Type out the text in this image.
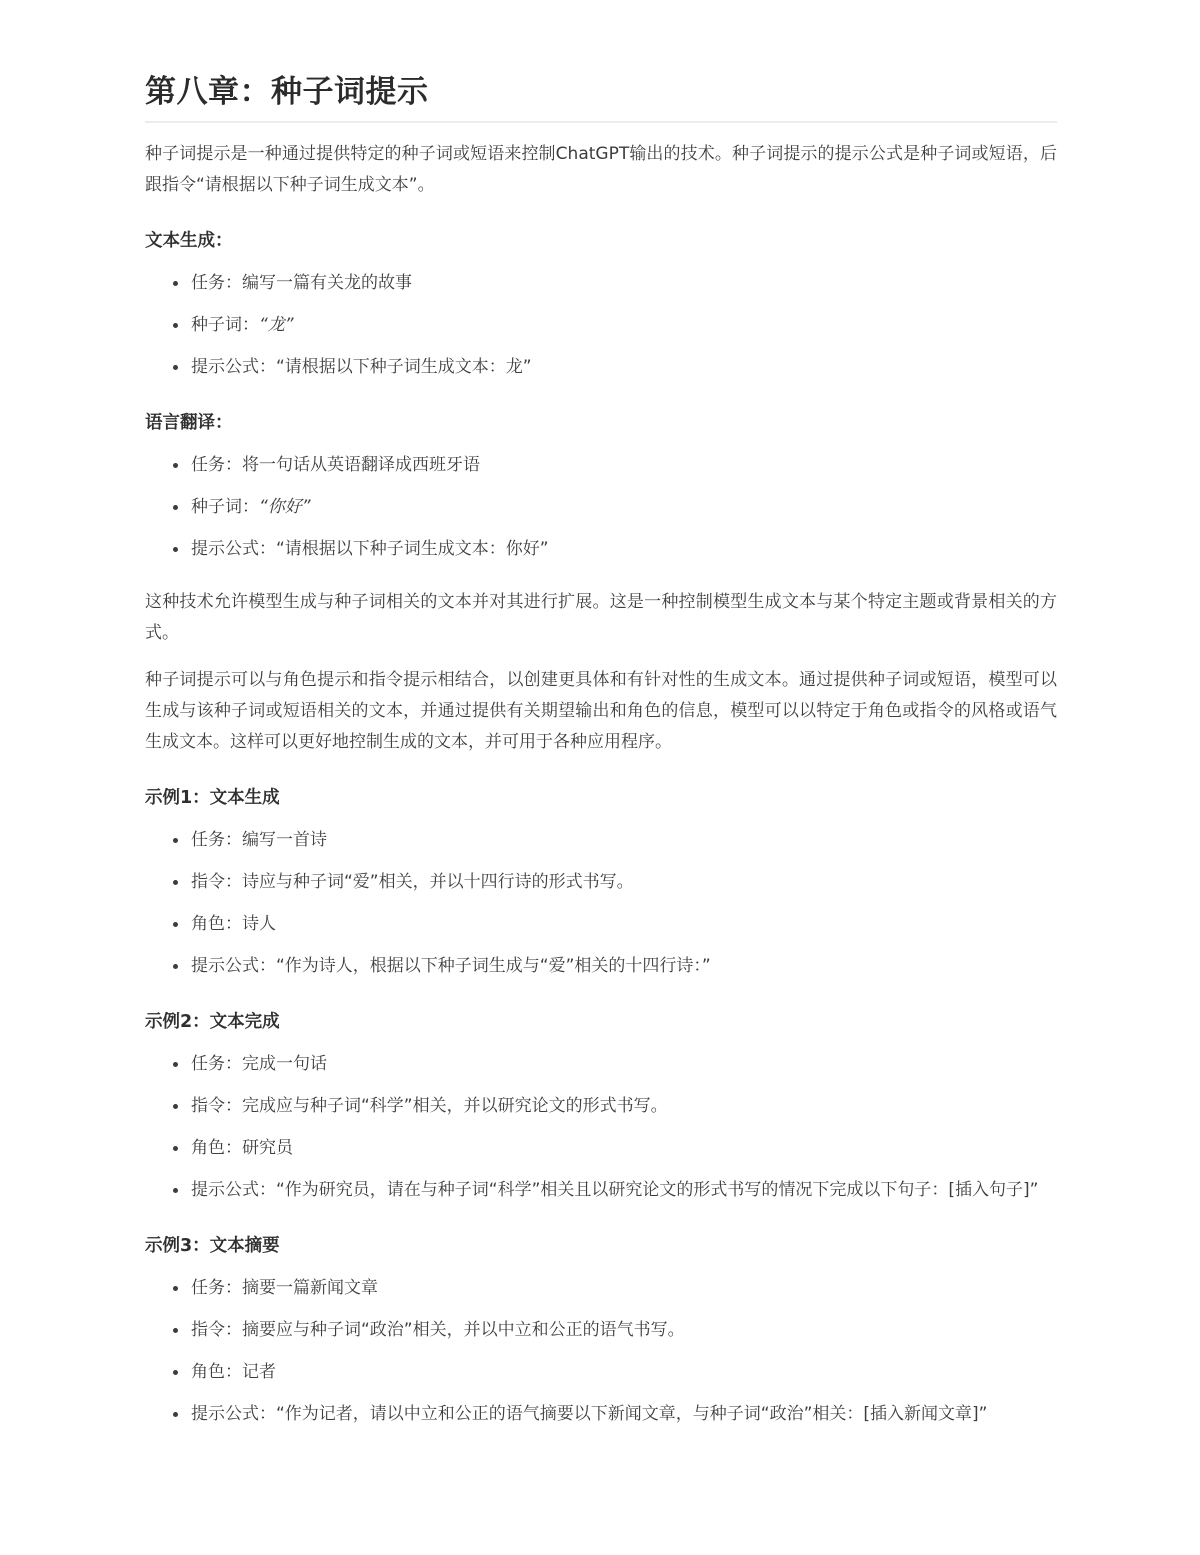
第八章：种子词提示

种子词提示是一种通过提供特定的种子词或短语来控制ChatGPT输出的技术。种子词提示的提示公式是种子词或短语，后跟指令“请根据以下种子词生成文本”。

文本生成：
• 任务：编写一篇有关龙的故事
• 种子词：“龙”
• 提示公式：“请根据以下种子词生成文本：龙”
语言翻译：
• 任务：将一句话从英语翻译成西班牙语
• 种子词：“你好”
• 提示公式：“请根据以下种子词生成文本：你好”

这种技术允许模型生成与种子词相关的文本并对其进行扩展。这是一种控制模型生成文本与某个特定主题或背景相关的方式。

种子词提示可以与角色提示和指令提示相结合，以创建更具体和有针对性的生成文本。通过提供种子词或短语，模型可以生成与该种子词或短语相关的文本，并通过提供有关期望输出和角色的信息，模型可以以特定于角色或指令的风格或语气生成文本。这样可以更好地控制生成的文本，并可用于各种应用程序。

示例1：文本生成
• 任务：编写一首诗
• 指令：诗应与种子词“爱”相关，并以十四行诗的形式书写。
• 角色：诗人
• 提示公式：“作为诗人，根据以下种子词生成与“爱”相关的十四行诗：”
示例2：文本完成
• 任务：完成一句话
• 指令：完成应与种子词“科学”相关，并以研究论文的形式书写。
• 角色：研究员
• 提示公式：“作为研究员，请在与种子词“科学”相关且以研究论文的形式书写的情况下完成以下句子：[插入句子]”
示例3：文本摘要
• 任务：摘要一篇新闻文章
• 指令：摘要应与种子词“政治”相关，并以中立和公正的语气书写。
• 角色：记者
• 提示公式：“作为记者，请以中立和公正的语气摘要以下新闻文章，与种子词“政治”相关：[插入新闻文章]”
